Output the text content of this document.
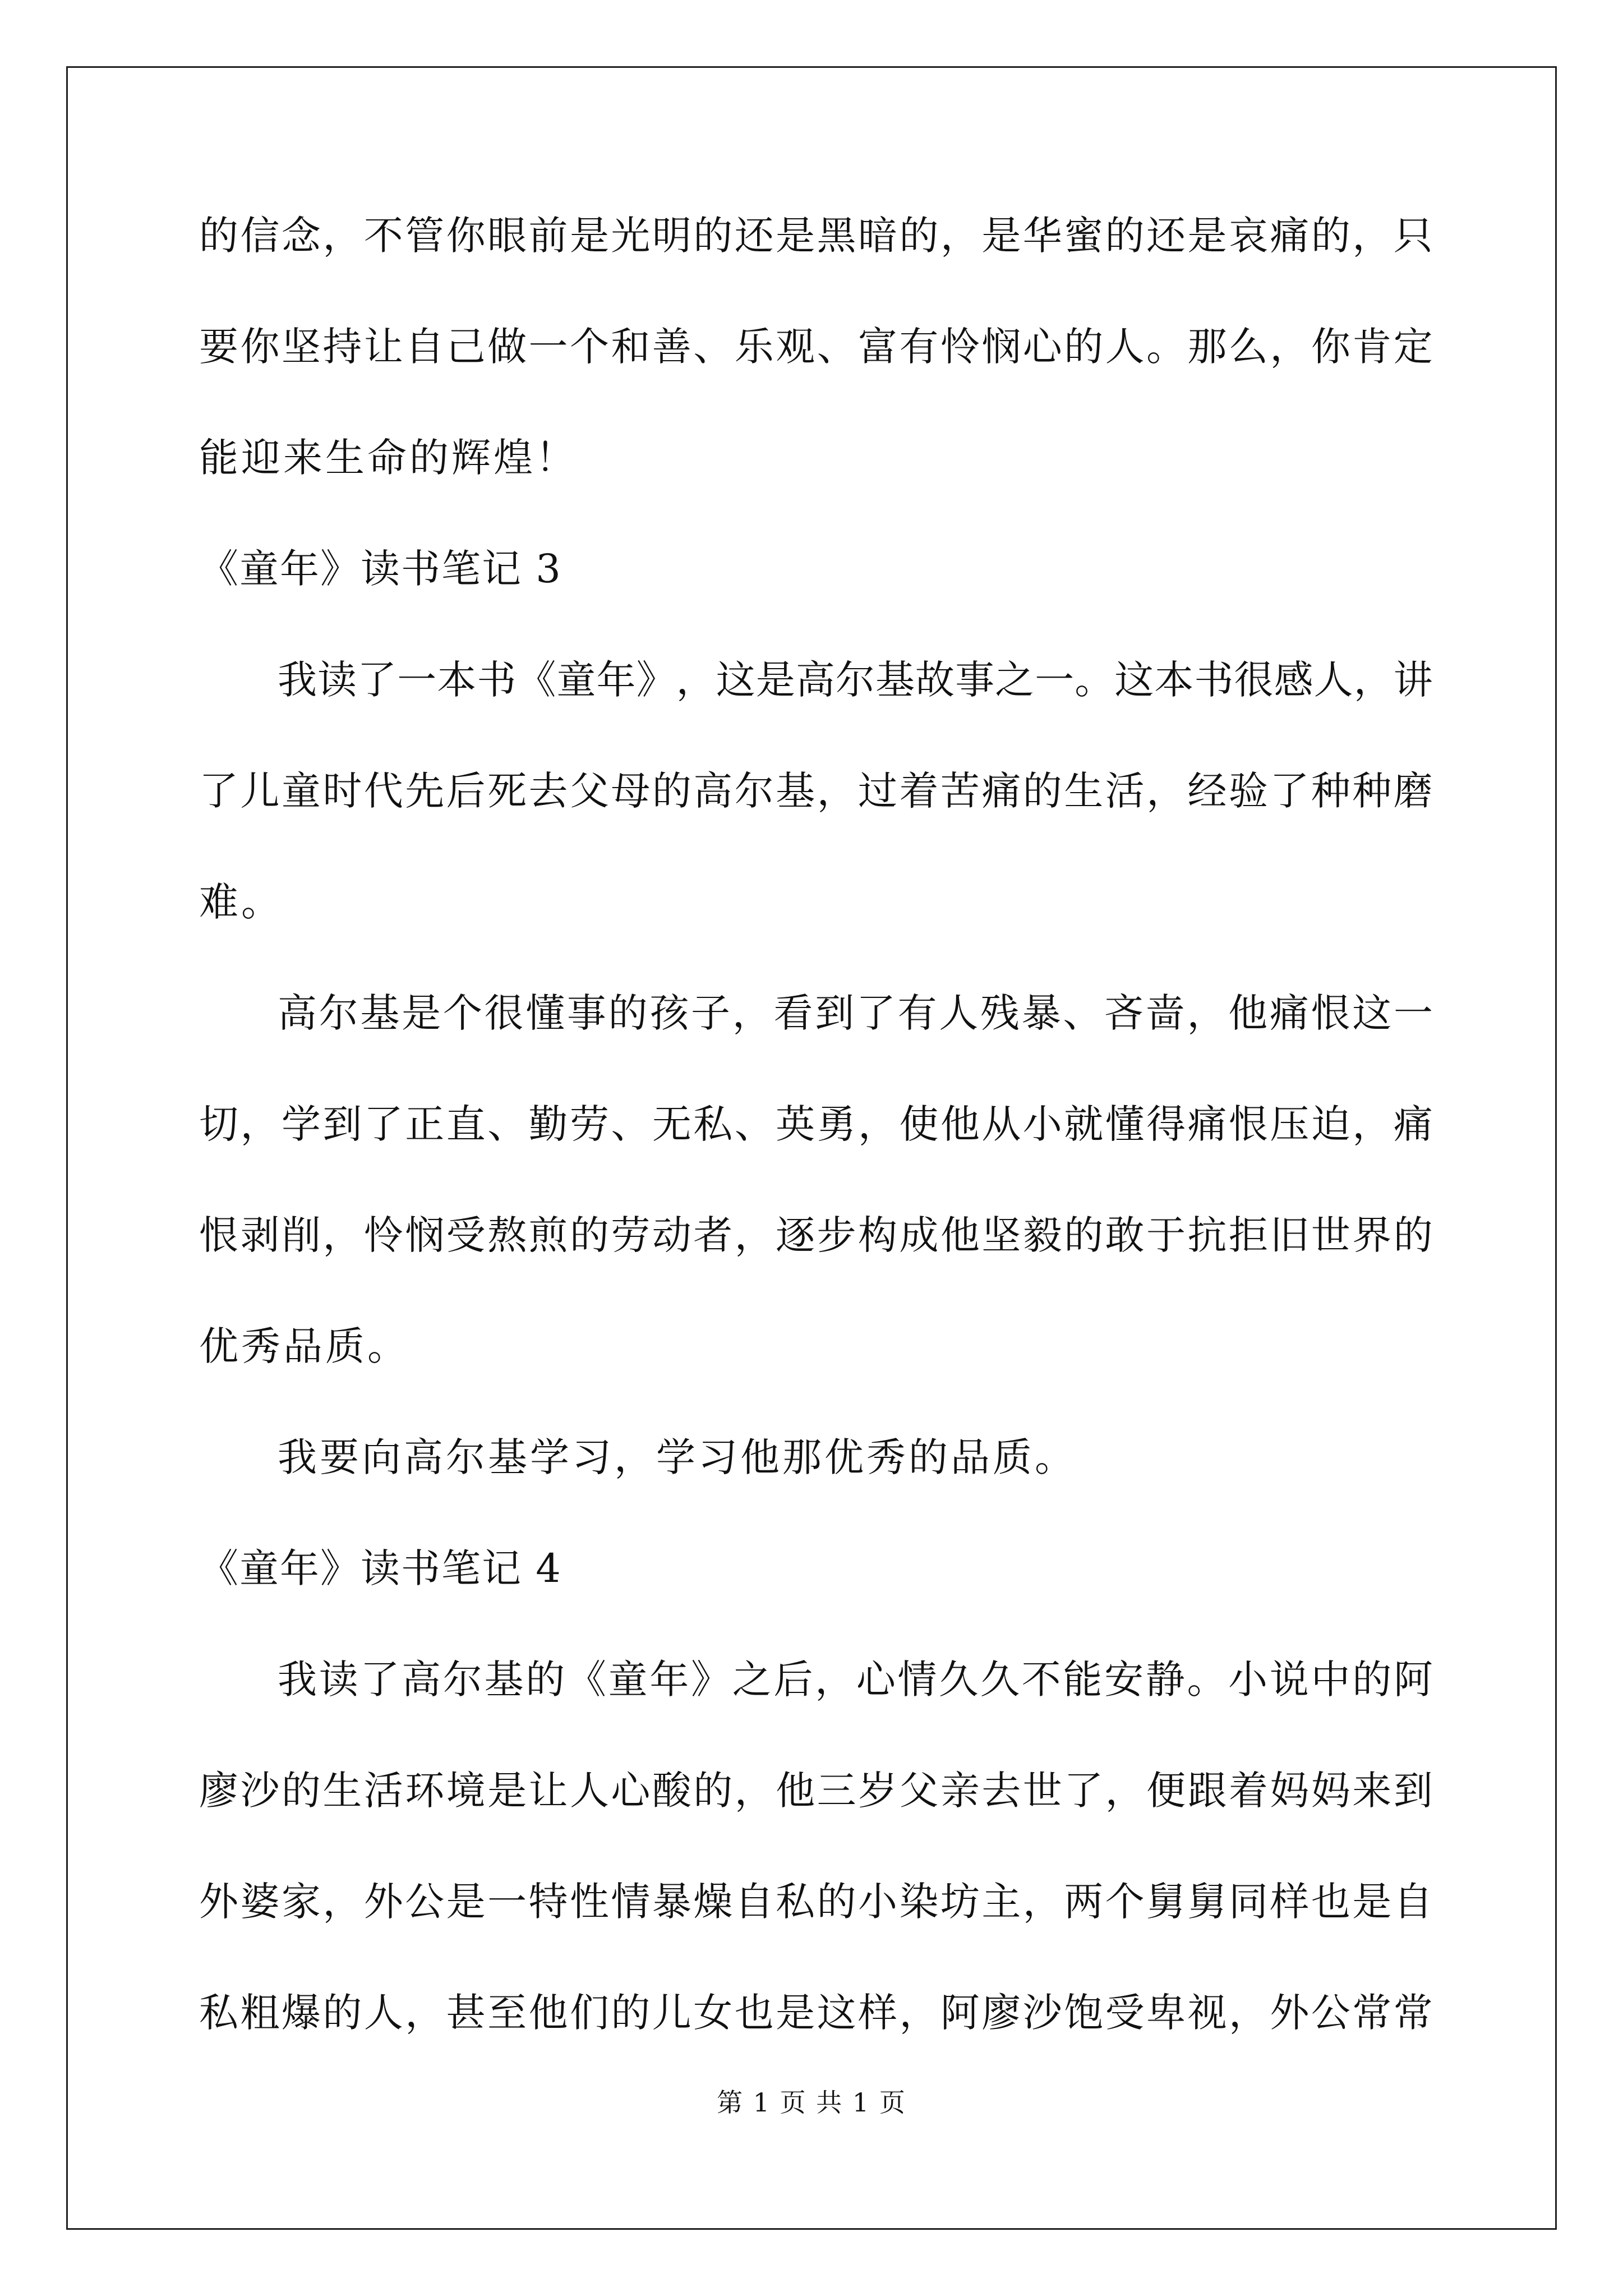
的 信 念 ， 不 管 你 眼 前 是 光 明 的 还 是 黑 暗 的 ， 是 华 蜜 的 还 是 哀 痛 的 ， 只
要 你 坚 持 让 自 己 做 一 个 和 善 、 乐 观 、 富 有 怜 悯 心 的 人 。 那 么 ， 你 肯 定
能迎来生命的辉煌！
《童年》读书笔记 3
我 读 了 一 本 书 《 童 年 》 ， 这 是 高 尔 基 故 事 之 一 。 这 本 书 很 感 人 ， 讲
了 儿 童 时 代 先 后 死 去 父 母 的 高 尔 基 ， 过 着 苦 痛 的 生 活 ， 经 验 了 种 种 磨
难。
高 尔 基 是 个 很 懂 事 的 孩 子 ， 看 到 了 有 人 残 暴 、 吝 啬 ， 他 痛 恨 这 一
切 ， 学 到 了 正 直 、 勤 劳 、 无 私 、 英 勇 ， 使 他 从 小 就 懂 得 痛 恨 压 迫 ， 痛
恨 剥 削 ， 怜 悯 受 熬 煎 的 劳 动 者 ， 逐 步 构 成 他 坚 毅 的 敢 于 抗 拒 旧 世 界 的
优秀品质。
我要向高尔基学习，学习他那优秀的品质。
《童年》读书笔记 4
我 读 了 高 尔 基 的 《 童 年 》 之 后 ， 心 情 久 久 不 能 安 静 。 小 说 中 的 阿
廖 沙 的 生 活 环 境 是 让 人 心 酸 的 ， 他 三 岁 父 亲 去 世 了 ， 便 跟 着 妈 妈 来 到
外 婆 家 ， 外 公 是 一 特 性 情 暴 燥 自 私 的 小 染 坊 主 ， 两 个 舅 舅 同 样 也 是 自
私 粗 爆 的 人 ， 甚 至 他 们 的 儿 女 也 是 这 样 ， 阿 廖 沙 饱 受 卑 视 ， 外 公 常 常
第 1 页 共 1 页
